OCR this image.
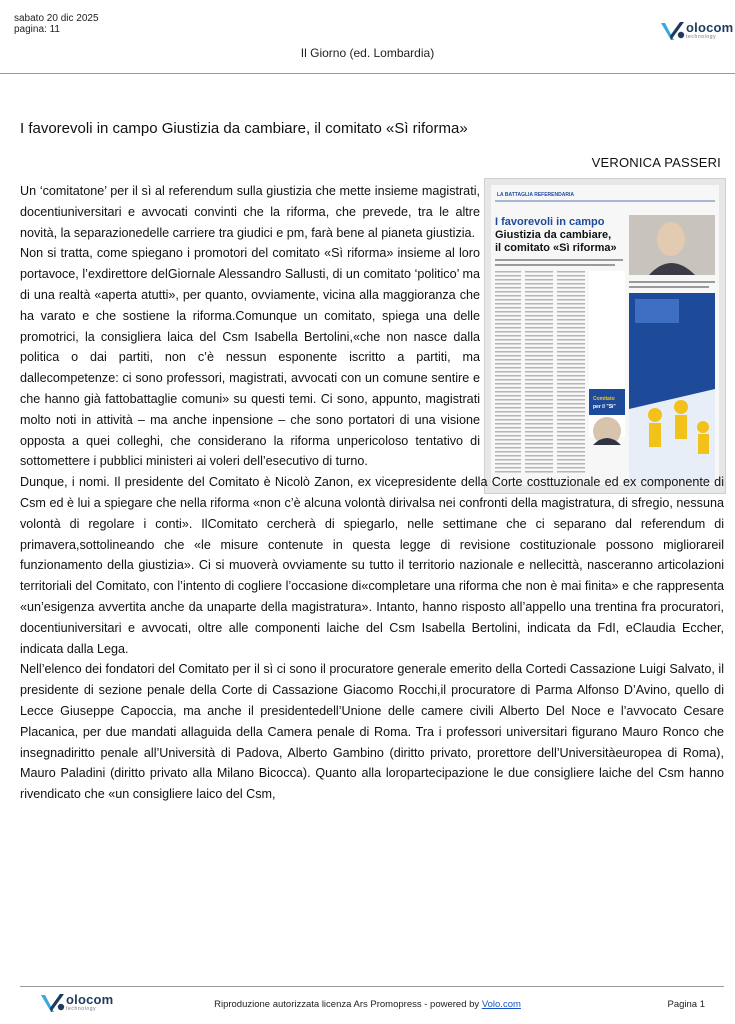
sabato 20 dic 2025
pagina: 11	olocom
technology
Il Giorno (ed. Lombardia)
I favorevoli in campo Giustizia da cambiare, il comitato «Sì riforma»
VERONICA PASSERI
LA BATTAGLIA REFERENDARIA
I favorevoli in campo
Giustizia da cambiare,
il comitato «Sì riforma»
Comitato
per il "Sì"

Un ‘comitatone’ per il sì al referendum sulla giustizia che mette insieme magistrati, docentiuniversitari e avvocati convinti che la riforma, che prevede, tra le altre novità, la separazionedelle carriere tra giudici e pm, farà bene al pianeta giustizia.

Non si tratta, come spiegano i promotori del comitato «Sì riforma» insieme al loro portavoce, l’exdirettore delGiornale Alessandro Sallusti, di un comitato ‘politico’ ma di una realtà «aperta atutti», per quanto, ovviamente, vicina alla maggioranza che ha varato e che sostiene la riforma.Comunque un comitato, spiega una delle promotrici, la consigliera laica del Csm Isabella Bertolini,«che non nasce dalla politica o dai partiti, non c’è nessun esponente iscritto a partiti, ma dallecompetenze: ci sono professori, magistrati, avvocati con un comune sentire e che hanno già fattobattaglie comuni» su questi temi. Ci sono, appunto, magistrati molto noti in attività – ma anche inpensione – che sono portatori di una visione opposta a quei colleghi, che considerano la riforma unpericoloso tentativo di sottomettere i pubblici ministeri ai voleri dell’esecutivo di turno.

Dunque, i nomi. Il presidente del Comitato è Nicolò Zanon, ex vicepresidente della Corte costtuzionale ed ex componente di Csm ed è lui a spiegare che nella riforma «non c’è alcuna volontà dirivalsa nei confronti della magistratura, di sfregio, nessuna volontà di regolare i conti». IlComitato cercherà di spiegarlo, nelle settimane che ci separano dal referendum di primavera,sottolineando che «le misure contenute in questa legge di revisione costituzionale possono migliorareil funzionamento della giustizia». Ci si muoverà ovviamente su tutto il territorio nazionale e nellecittà, nasceranno articolazioni territoriali del Comitato, con l’intento di cogliere l’occasione di«completare una riforma che non è mai finita» e che rappresenta «un’esigenza avvertita anche da unaparte della magistratura». Intanto, hanno risposto all’appello una trentina fra procuratori, docentiuniversitari e avvocati, oltre alle componenti laiche del Csm Isabella Bertolini, indicata da FdI, eClaudia Eccher, indicata dalla Lega.

Nell’elenco dei fondatori del Comitato per il sì ci sono il procuratore generale emerito della Cortedi Cassazione Luigi Salvato, il presidente di sezione penale della Corte di Cassazione Giacomo Rocchi,il procuratore di Parma Alfonso D’Avino, quello di Lecce Giuseppe Capoccia, ma anche il presidentedell’Unione delle camere civili Alberto Del Noce e l’avvocato Cesare Placanica, per due mandati allaguida della Camera penale di Roma. Tra i professori universitari figurano Mauro Ronco che insegnadiritto penale all’Università di Padova, Alberto Gambino (diritto privato, prorettore dell’Universitàeuropea di Roma), Mauro Paladini (diritto privato alla Milano Bicocca). Quanto alla loropartecipazione le due consigliere laiche del Csm hanno rivendicato che «un consigliere laico del Csm,

olocom
technology	Riproduzione autorizzata licenza Ars Promopress - powered by Volo.com	Pagina 1
